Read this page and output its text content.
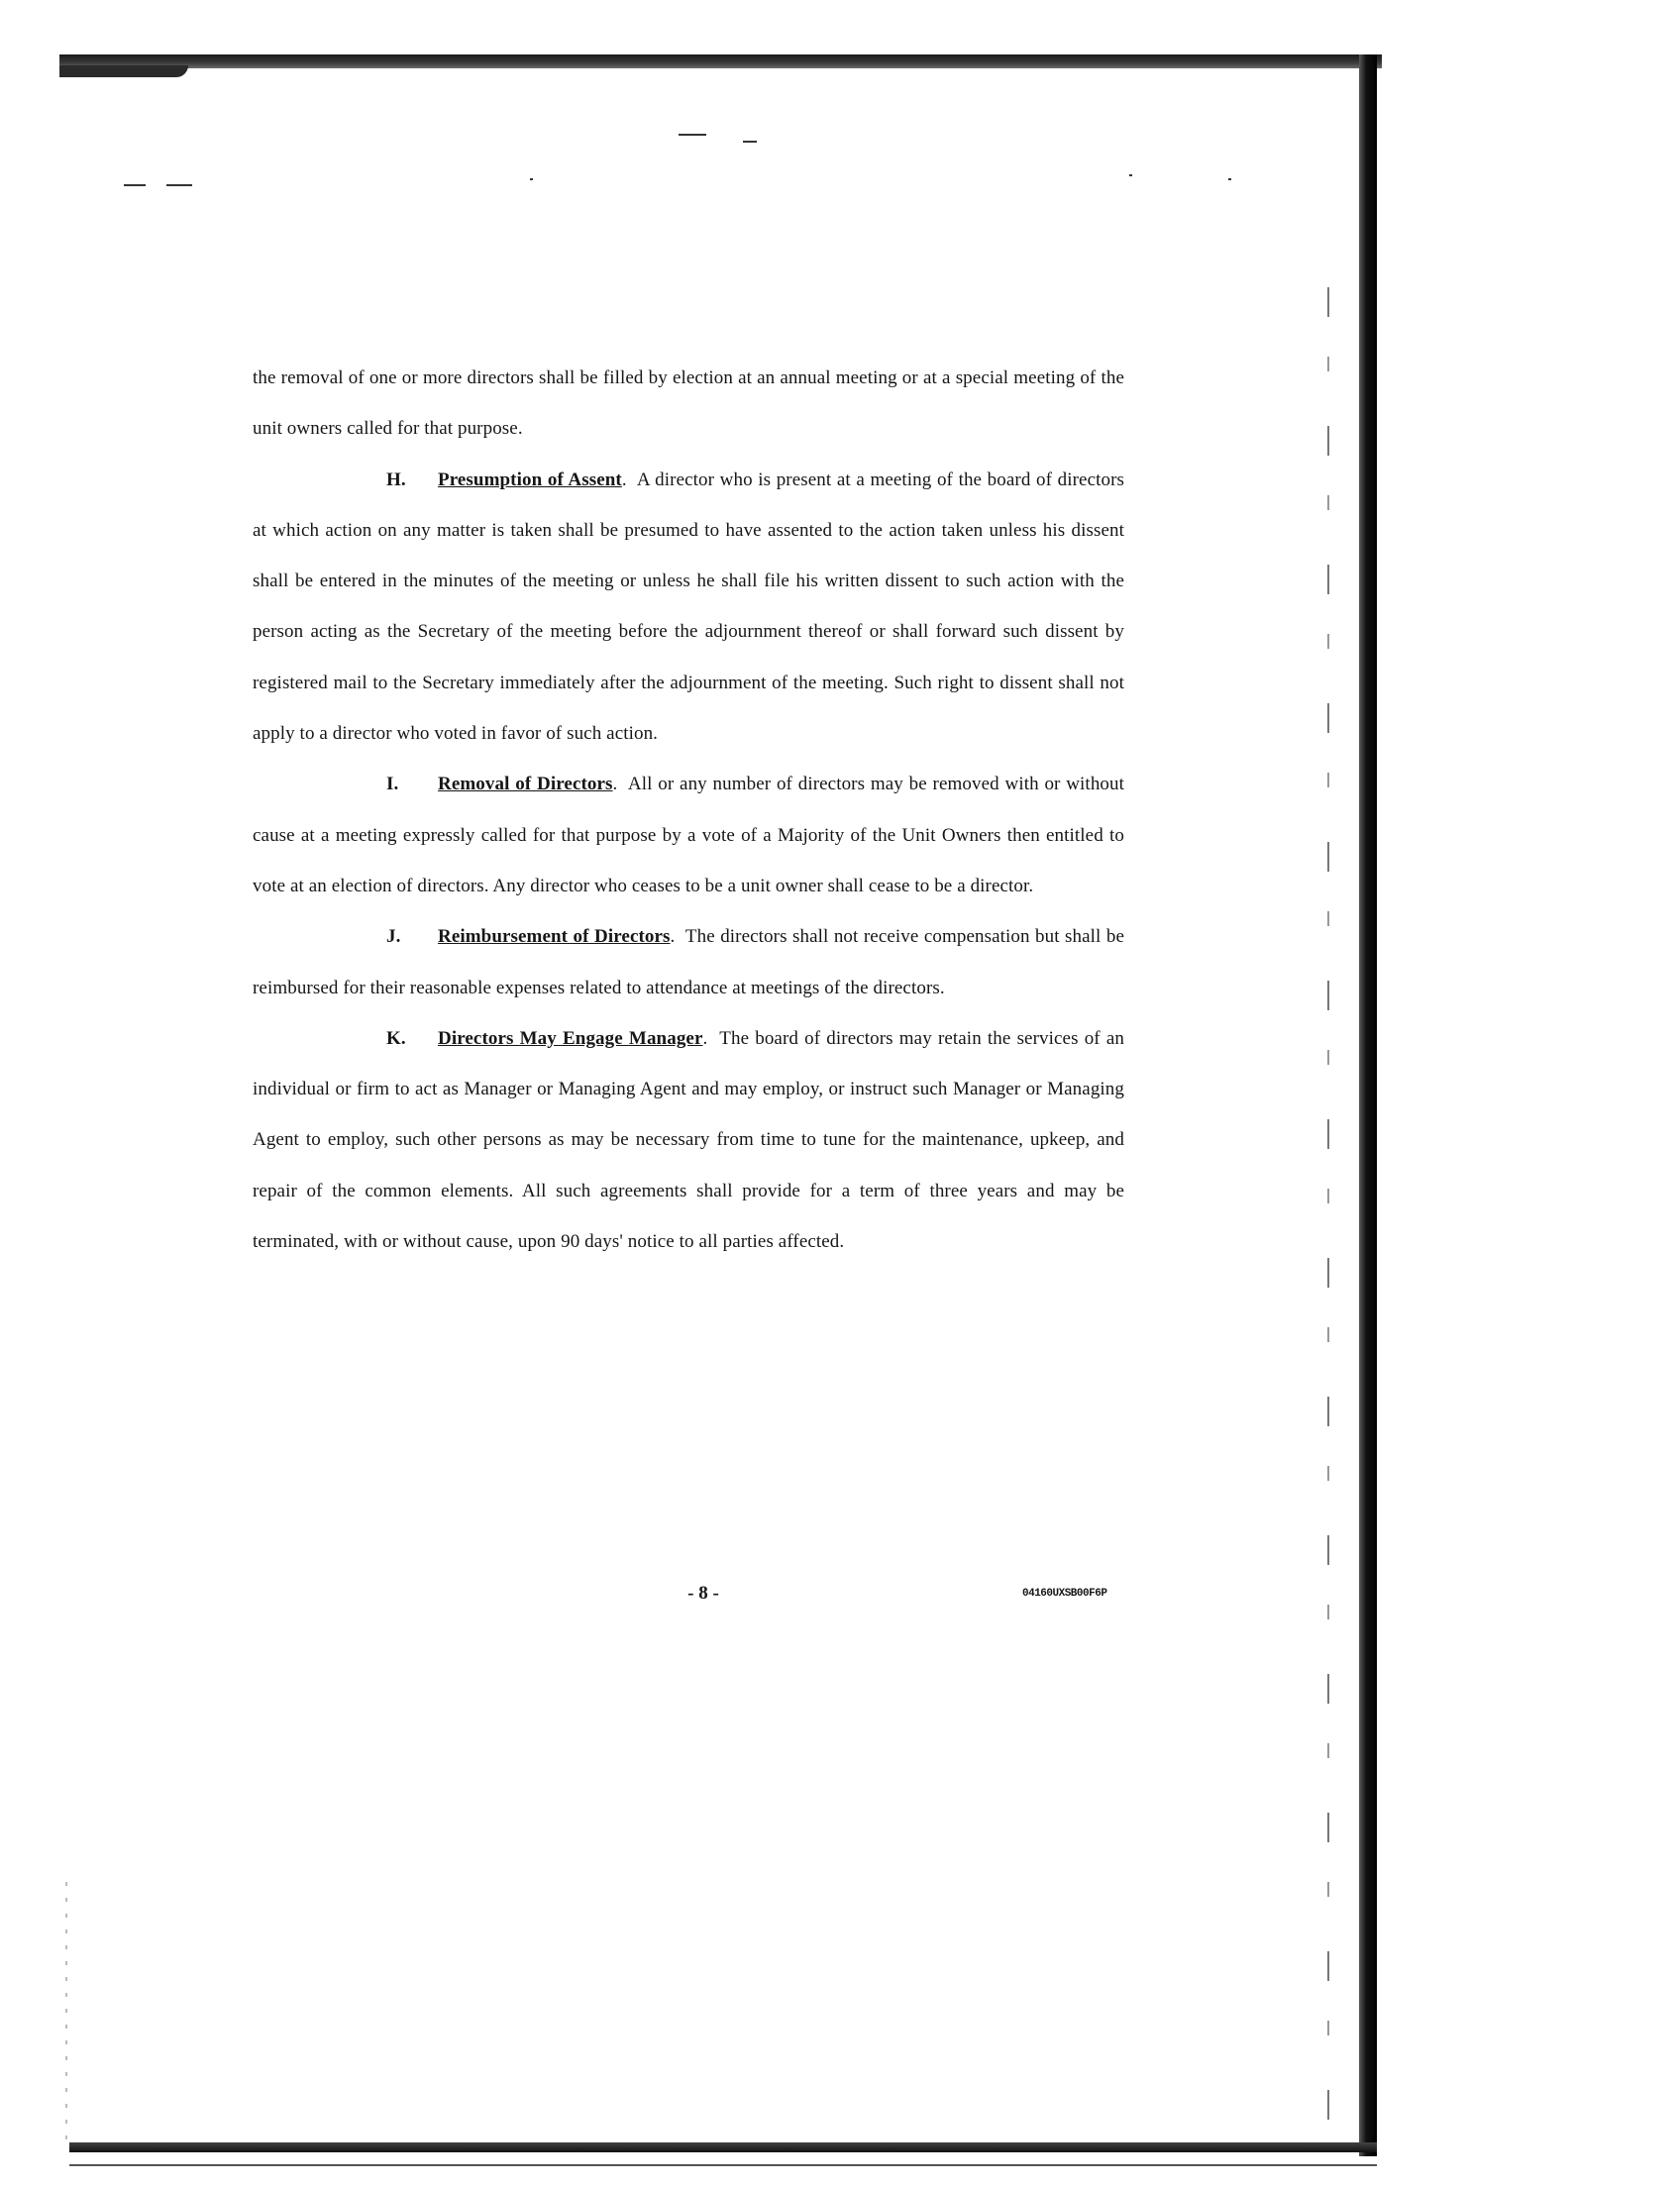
the removal of one or more directors shall be filled by election at an annual meeting or at a special meeting of the unit owners called for that purpose.

H. Presumption of Assent.  A director who is present at a meeting of the board of directors at which action on any matter is taken shall be presumed to have assented to the action taken unless his dissent shall be entered in the minutes of the meeting or unless he shall file his written dissent to such action with the person acting as the Secretary of the meeting before the adjournment thereof or shall forward such dissent by registered mail to the Secretary immediately after the adjournment of the meeting. Such right to dissent shall not apply to a director who voted in favor of such action.

I. Removal of Directors.  All or any number of directors may be removed with or without cause at a meeting expressly called for that purpose by a vote of a Majority of the Unit Owners then entitled to vote at an election of directors. Any director who ceases to be a unit owner shall cease to be a director.

J. Reimbursement of Directors.  The directors shall not receive compensation but shall be reimbursed for their reasonable expenses related to attendance at meetings of the directors.

K. Directors May Engage Manager.  The board of directors may retain the services of an individual or firm to act as Manager or Managing Agent and may employ, or instruct such Manager or Managing Agent to employ, such other persons as may be necessary from time to tune for the maintenance, upkeep, and repair of the common elements. All such agreements shall provide for a term of three years and may be terminated, with or without cause, upon 90 days' notice to all parties affected.

- 8 -	04160UXSB00F6P
